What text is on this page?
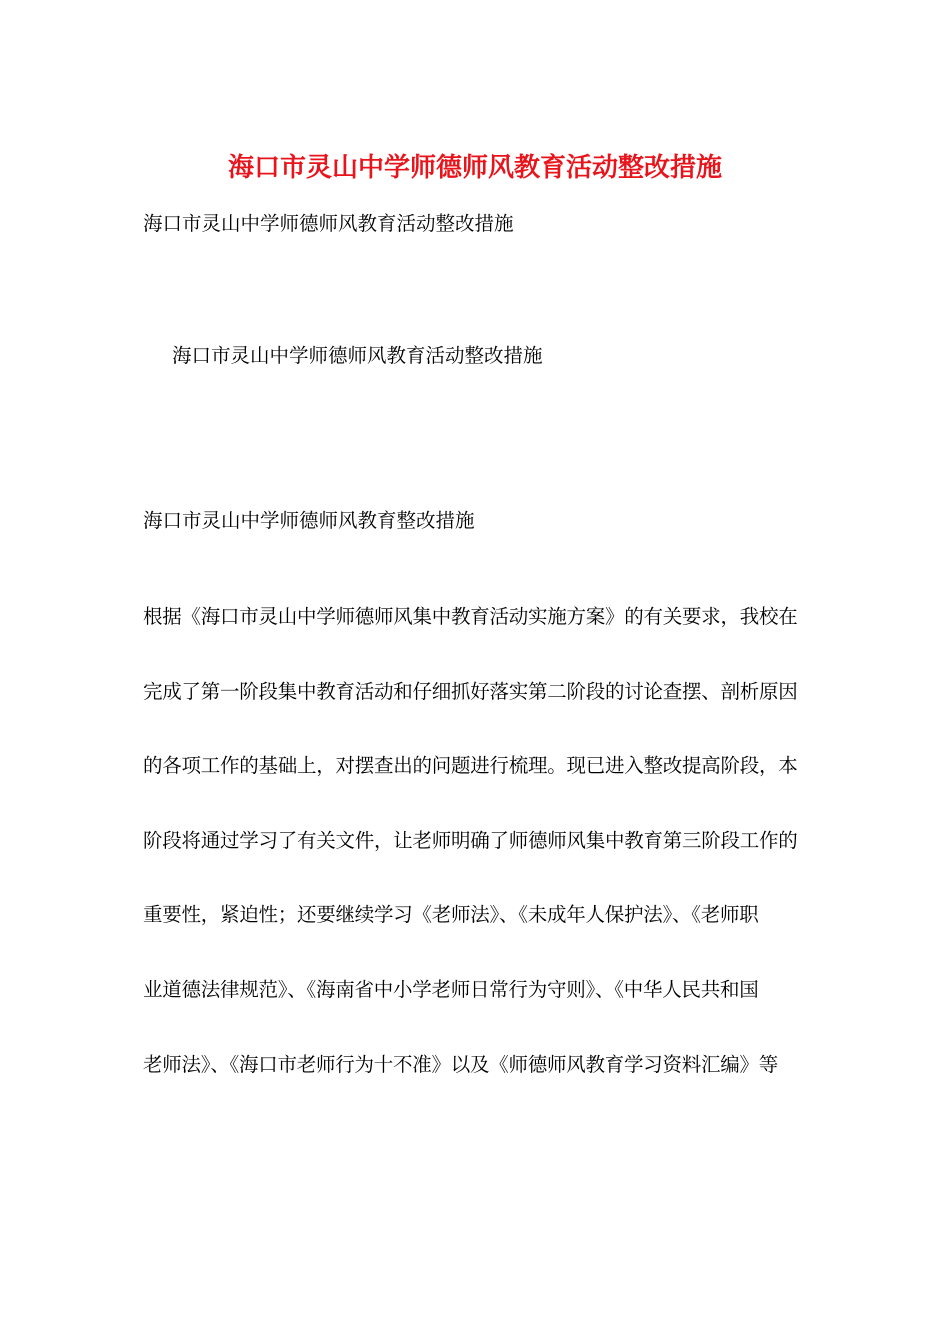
海口市灵山中学师德师风教育活动整改措施
海口市灵山中学师德师风教育活动整改措施
海口市灵山中学师德师风教育活动整改措施
海口市灵山中学师德师风教育整改措施
根据《海口市灵山中学师德师风集中教育活动实施方案》的有关要求，我校在
完成了第一阶段集中教育活动和仔细抓好落实第二阶段的讨论查摆、剖析原因
的各项工作的基础上，对摆查出的问题进行梳理。现已进入整改提高阶段，本
阶段将通过学习了有关文件，让老师明确了师德师风集中教育第三阶段工作的
重要性，紧迫性；还要继续学习《老师法》、《未成年人保护法》、《老师职
业道德法律规范》、《海南省中小学老师日常行为守则》、《中华人民共和国
老师法》、《海口市老师行为十不准》以及《师德师风教育学习资料汇编》等
